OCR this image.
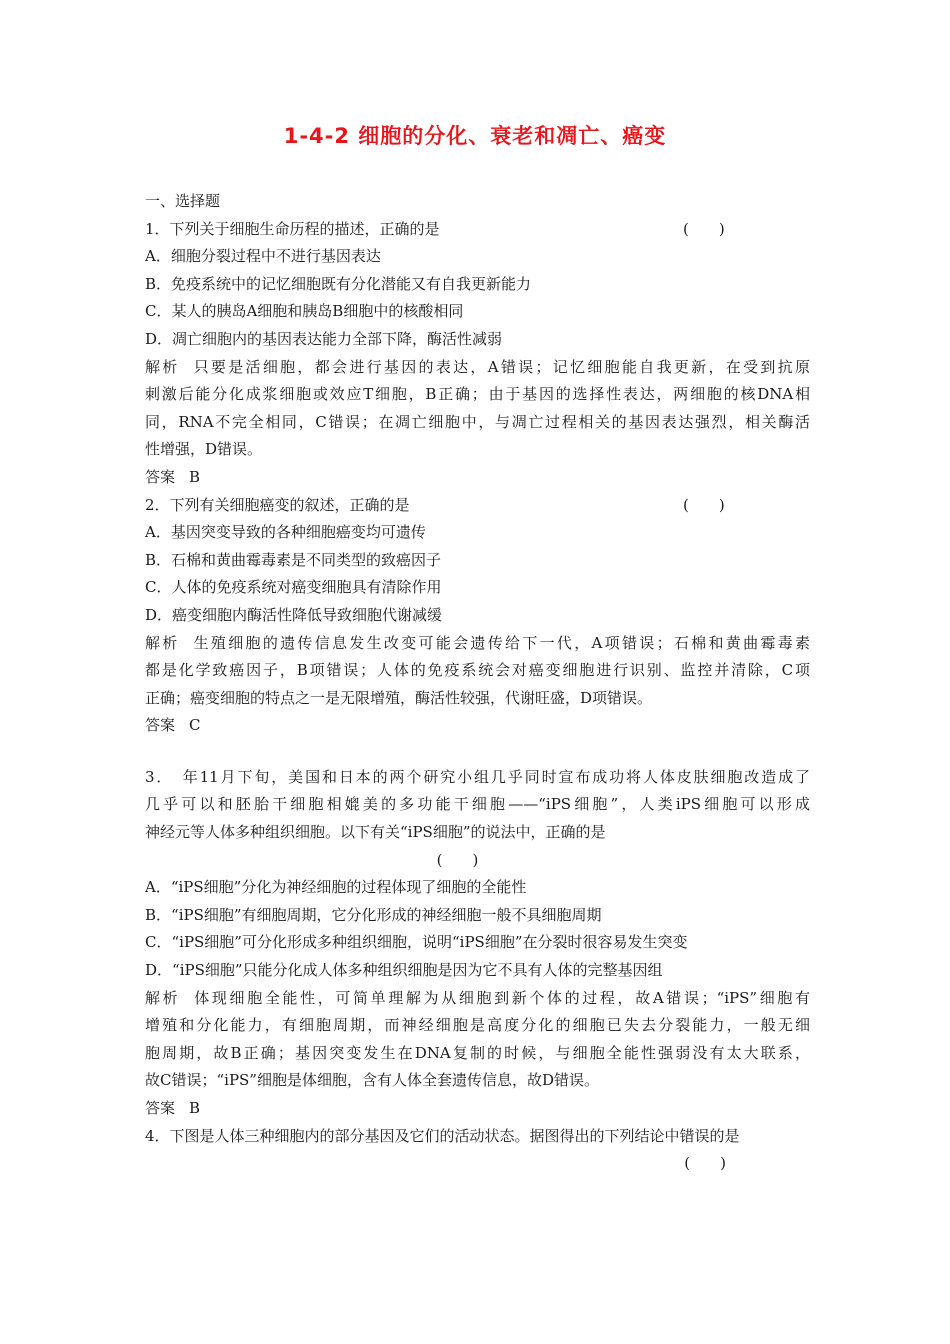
1-4-2 细胞的分化、衰老和凋亡、癌变
一、选择题
1．下列关于细胞生命历程的描述，正确的是	(　　)
A．细胞分裂过程中不进行基因表达
B．免疫系统中的记忆细胞既有分化潜能又有自我更新能力
C．某人的胰岛A细胞和胰岛B细胞中的核酸相同
D．凋亡细胞内的基因表达能力全部下降，酶活性减弱
解析 只要是活细胞，都会进行基因的表达，A错误；记忆细胞能自我更新，在受到抗原
刺激后能分化成浆细胞或效应T细胞，B正确；由于基因的选择性表达，两细胞的核DNA相
同，RNA不完全相同，C错误；在凋亡细胞中，与凋亡过程相关的基因表达强烈，相关酶活
性增强，D错误。
答案 B
2．下列有关细胞癌变的叙述，正确的是	(　　)
A．基因突变导致的各种细胞癌变均可遗传
B．石棉和黄曲霉毒素是不同类型的致癌因子
C．人体的免疫系统对癌变细胞具有清除作用
D．癌变细胞内酶活性降低导致细胞代谢减缓
解析 生殖细胞的遗传信息发生改变可能会遗传给下一代，A项错误；石棉和黄曲霉毒素
都是化学致癌因子，B项错误；人体的免疫系统会对癌变细胞进行识别、监控并清除，C项
正确；癌变细胞的特点之一是无限增殖，酶活性较强，代谢旺盛，D项错误。
答案 C
3．　年11月下旬，美国和日本的两个研究小组几乎同时宣布成功将人体皮肤细胞改造成了
几乎可以和胚胎干细胞相媲美的多功能干细胞——“iPS细胞”，人类iPS细胞可以形成
神经元等人体多种组织细胞。以下有关“iPS细胞”的说法中，正确的是
(　　)
A．“iPS细胞”分化为神经细胞的过程体现了细胞的全能性
B．“iPS细胞”有细胞周期，它分化形成的神经细胞一般不具细胞周期
C．“iPS细胞”可分化形成多种组织细胞，说明“iPS细胞”在分裂时很容易发生突变
D．“iPS细胞”只能分化成人体多种组织细胞是因为它不具有人体的完整基因组
解析 体现细胞全能性，可简单理解为从细胞到新个体的过程，故A错误；“iPS”细胞有
增殖和分化能力，有细胞周期，而神经细胞是高度分化的细胞已失去分裂能力，一般无细
胞周期，故B正确；基因突变发生在DNA复制的时候，与细胞全能性强弱没有太大联系，
故C错误；“iPS”细胞是体细胞，含有人体全套遗传信息，故D错误。
答案 B
4．下图是人体三种细胞内的部分基因及它们的活动状态。据图得出的下列结论中错误的是
(　　)
